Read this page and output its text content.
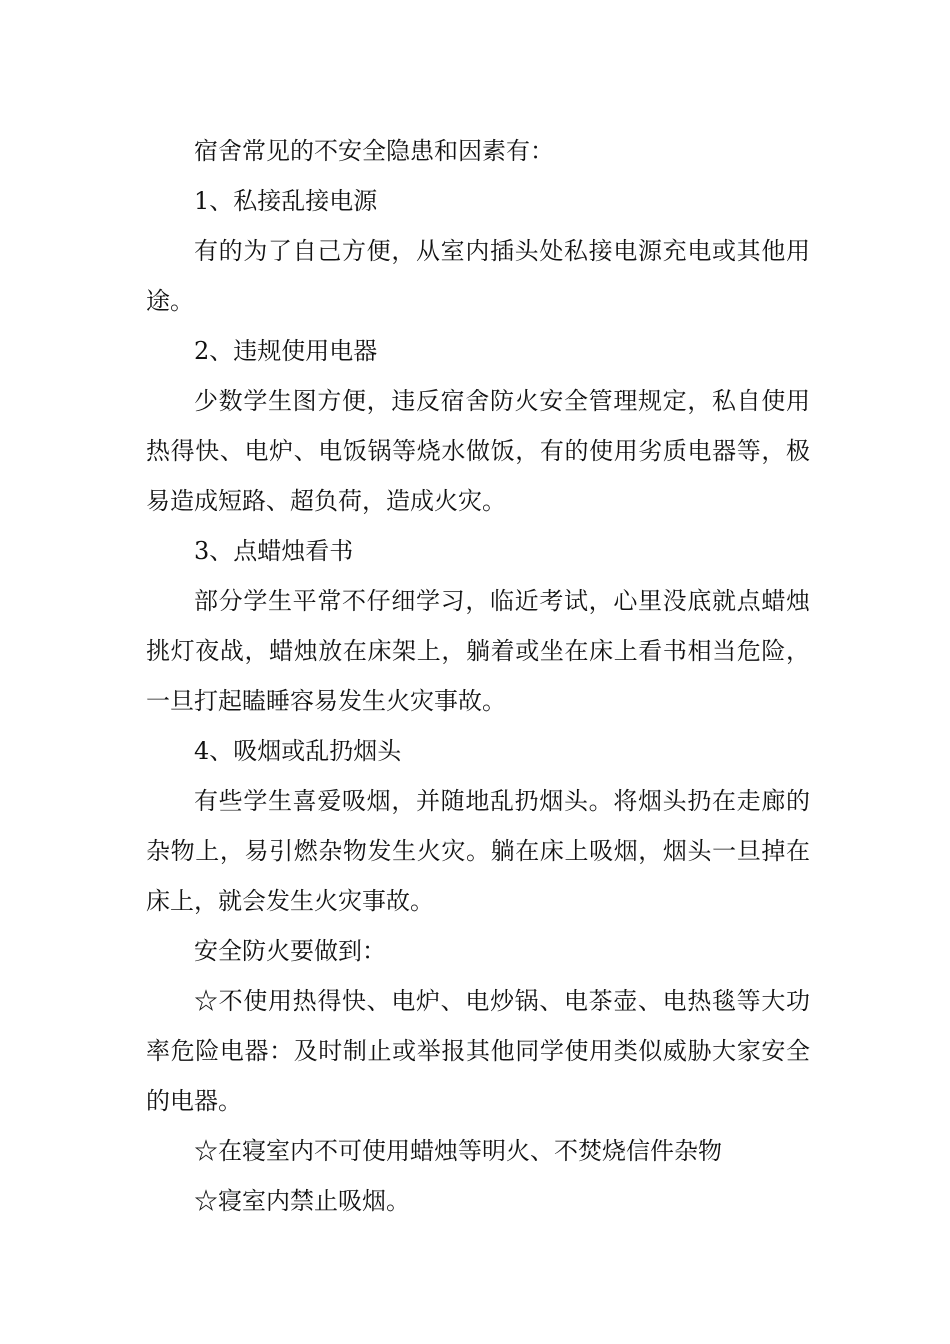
宿舍常见的不安全隐患和因素有：

1、私接乱接电源

有的为了自己方便，从室内插头处私接电源充电或其他用途。

2、违规使用电器

少数学生图方便，违反宿舍防火安全管理规定，私自使用热得快、电炉、电饭锅等烧水做饭，有的使用劣质电器等，极易造成短路、超负荷，造成火灾。

3、点蜡烛看书

部分学生平常不仔细学习，临近考试，心里没底就点蜡烛挑灯夜战，蜡烛放在床架上，躺着或坐在床上看书相当危险，一旦打起瞌睡容易发生火灾事故。

4、吸烟或乱扔烟头

有些学生喜爱吸烟，并随地乱扔烟头。将烟头扔在走廊的杂物上，易引燃杂物发生火灾。躺在床上吸烟，烟头一旦掉在床上，就会发生火灾事故。

安全防火要做到：

☆不使用热得快、电炉、电炒锅、电茶壶、电热毯等大功率危险电器：及时制止或举报其他同学使用类似威胁大家安全的电器。

☆在寝室内不可使用蜡烛等明火、不焚烧信件杂物

☆寝室内禁止吸烟。
